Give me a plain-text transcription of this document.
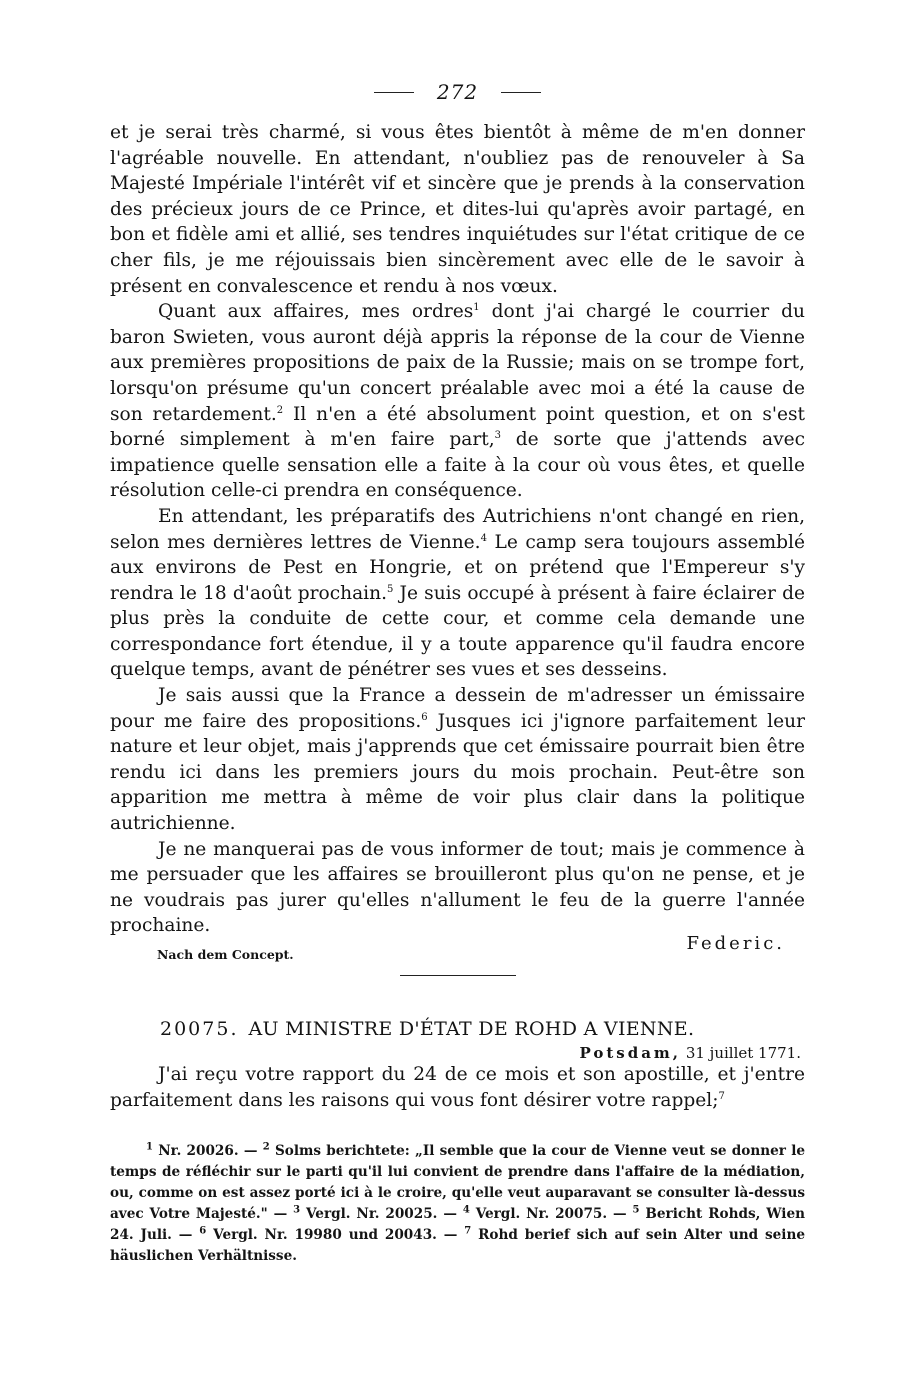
272

et je serai très charmé, si vous êtes bientôt à même de m'en donner l'agréable nouvelle. En attendant, n'oubliez pas de renouveler à Sa Majesté Impériale l'intérêt vif et sincère que je prends à la conservation des précieux jours de ce Prince, et dites-lui qu'après avoir partagé, en bon et fidèle ami et allié, ses tendres inquiétudes sur l'état critique de ce cher fils, je me réjouissais bien sincèrement avec elle de le savoir à présent en convalescence et rendu à nos vœux.

Quant aux affaires, mes ordres$^1$ dont j'ai chargé le courrier du baron Swieten, vous auront déjà appris la réponse de la cour de Vienne aux premières propositions de paix de la Russie; mais on se trompe fort, lorsqu'on présume qu'un concert préalable avec moi a été la cause de son retardement.$^2$ Il n'en a été absolument point question, et on s'est borné simplement à m'en faire part,$^3$ de sorte que j'attends avec impatience quelle sensation elle a faite à la cour où vous êtes, et quelle résolution celle-ci prendra en conséquence.

En attendant, les préparatifs des Autrichiens n'ont changé en rien, selon mes dernières lettres de Vienne.$^4$ Le camp sera toujours assemblé aux environs de Pest en Hongrie, et on prétend que l'Empereur s'y rendra le 18 d'août prochain.$^5$ Je suis occupé à présent à faire éclairer de plus près la conduite de cette cour, et comme cela demande une correspondance fort étendue, il y a toute apparence qu'il faudra encore quelque temps, avant de pénétrer ses vues et ses desseins.

Je sais aussi que la France a dessein de m'adresser un émissaire pour me faire des propositions.$^6$ Jusques ici j'ignore parfaitement leur nature et leur objet, mais j'apprends que cet émissaire pourrait bien être rendu ici dans les premiers jours du mois prochain. Peut-être son apparition me mettra à même de voir plus clair dans la politique autrichienne.

Je ne manquerai pas de vous informer de tout; mais je commence à me persuader que les affaires se brouilleront plus qu'on ne pense, et je ne voudrais pas jurer qu'elles n'allument le feu de la guerre l'année prochaine.

Nach dem Concept.
Federic.
20075. AU MINISTRE D'ÉTAT DE ROHD A VIENNE.
Potsdam, 31 juillet 1771.

J'ai reçu votre rapport du 24 de ce mois et son apostille, et j'entre parfaitement dans les raisons qui vous font désirer votre rappel;$^7$

$^1$ Nr. 20026. — $^2$ Solms berichtete: „Il semble que la cour de Vienne veut se donner le temps de réfléchir sur le parti qu'il lui convient de prendre dans l'affaire de la médiation, ou, comme on est assez porté ici à le croire, qu'elle veut auparavant se consulter là-dessus avec Votre Majesté." — $^3$ Vergl. Nr. 20025. — $^4$ Vergl. Nr. 20075. — $^5$ Bericht Rohds, Wien 24. Juli. — $^6$ Vergl. Nr. 19980 und 20043. — $^7$ Rohd berief sich auf sein Alter und seine häuslichen Verhältnisse.
